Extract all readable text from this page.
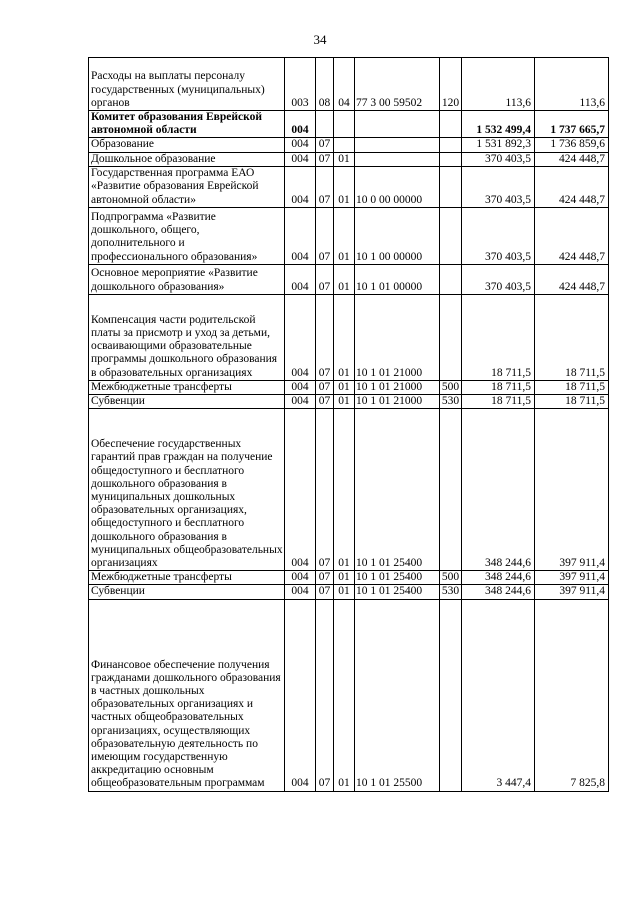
34
Расходы на выплаты персоналу государственных (муниципальных) органов	003	08	04	77 3 00 59502	120	113,6	113,6
Комитет образования Еврейской автономной области	004					1 532 499,4	1 737 665,7
Образование	004	07				1 531 892,3	1 736 859,6
Дошкольное образование	004	07	01			370 403,5	424 448,7
Государственная программа ЕАО «Развитие образования Еврейской автономной области»	004	07	01	10 0 00 00000		370 403,5	424 448,7
Подпрограмма «Развитие дошкольного, общего, дополнительного и профессионального образования»	004	07	01	10 1 00 00000		370 403,5	424 448,7
Основное мероприятие «Развитие дошкольного образования»	004	07	01	10 1 01 00000		370 403,5	424 448,7
Компенсация части родительской платы за присмотр и уход за детьми, осваивающими образовательные программы дошкольного образования в образовательных организациях	004	07	01	10 1 01 21000		18 711,5	18 711,5
Межбюджетные трансферты	004	07	01	10 1 01 21000	500	18 711,5	18 711,5
Субвенции	004	07	01	10 1 01 21000	530	18 711,5	18 711,5
Обеспечение государственных гарантий прав граждан на получение общедоступного и бесплатного дошкольного образования в муниципальных дошкольных образовательных организациях, общедоступного и бесплатного дошкольного образования в муниципальных общеобразовательных организациях	004	07	01	10 1 01 25400		348 244,6	397 911,4
Межбюджетные трансферты	004	07	01	10 1 01 25400	500	348 244,6	397 911,4
Субвенции	004	07	01	10 1 01 25400	530	348 244,6	397 911,4
Финансовое обеспечение получения гражданами дошкольного образования в частных дошкольных образовательных организациях и частных общеобразовательных организациях, осуществляющих образовательную деятельность по имеющим государственную аккредитацию основным общеобразовательным программам	004	07	01	10 1 01 25500		3 447,4	7 825,8
